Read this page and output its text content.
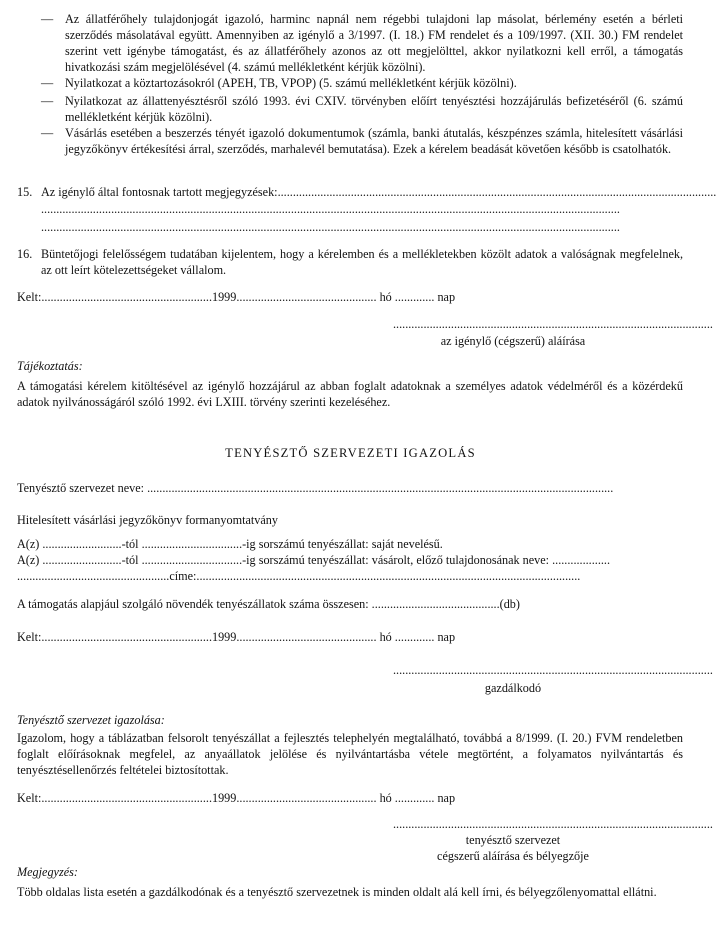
— Az állatférőhely tulajdonjogát igazoló, harminc napnál nem régebbi tulajdoni lap másolat, bérlemény esetén a bérleti szerződés másolatával együtt. Amennyiben az igénylő a 3/1997. (I. 18.) FM rendelet és a 109/1997. (XII. 30.) FM rendelet szerint vett igénybe támogatást, és az állatférőhely azonos az ott megjelölttel, akkor nyilatkozni kell erről, a támogatás hivatkozási szám megjelölésével (4. számú mellékletként kérjük közölni).
— Nyilatkozat a köztartozásokról (APEH, TB, VPOP) (5. számú mellékletként kérjük közölni).
— Nyilatkozat az állattenyésztésről szóló 1993. évi CXIV. törvényben előírt tenyésztési hozzájárulás befizetéséről (6. számú mellékletként kérjük közölni).
— Vásárlás esetében a beszerzés tényét igazoló dokumentumok (számla, banki átutalás, készpénzes számla, hitelesített vásárlási jegyzőkönyv értékesítési árral, szerződés, marhalevél bemutatása). Ezek a kérelem beadását követően később is csatolhatók.
15. Az igénylő által fontosnak tartott megjegyzések:................................................................................................................................................
..............................................................................................................................................................................................
..............................................................................................................................................................................................
16. Büntetőjogi felelősségem tudatában kijelentem, hogy a kérelemben és a mellékletekben közölt adatok a valóságnak megfelelnek, az ott leírt kötelezettségeket vállalom.
Kelt:........................................................1999.............................................. hó ............. nap
.........................................................................................................
az igénylő (cégszerű) aláírása
Tájékoztatás:
A támogatási kérelem kitöltésével az igénylő hozzájárul az abban foglalt adatoknak a személyes adatok védelméről és a közérdekű adatok nyilvánosságáról szóló 1992. évi LXIII. törvény szerinti kezeléséhez.
TENYÉSZTŐ SZERVEZETI IGAZOLÁS
Tenyésztő szervezet neve: .........................................................................................................................................................
Hitelesített vásárlási jegyzőkönyv formanyomtatvány
A(z) ..........................-tól .................................-ig sorszámú tenyészállat: saját nevelésű.
A(z) ..........................-tól .................................-ig sorszámú tenyészállat: vásárolt, előző tulajdonosának neve: ...................
..................................................címe:..............................................................................................................................
A támogatás alapjául szolgáló növendék tenyészállatok száma összesen: ..........................................(db)
Kelt:........................................................1999.............................................. hó ............. nap
.........................................................................................................
gazdálkodó
Tenyésztő szervezet igazolása:
Igazolom, hogy a táblázatban felsorolt tenyészállat a fejlesztés telephelyén megtalálható, továbbá a 8/1999. (I. 20.) FVM rendeletben foglalt előírásoknak megfelel, az anyaállatok jelölése és nyilvántartásba vétele megtörtént, a folyamatos nyilvántartás és tenyésztésellenőrzés feltételei biztosítottak.
Kelt:........................................................1999.............................................. hó ............. nap
.........................................................................................................
tenyésztő szervezet
cégszerű aláírása és bélyegzője
Megjegyzés:
Több oldalas lista esetén a gazdálkodónak és a tenyésztő szervezetnek is minden oldalt alá kell írni, és bélyegzőlenyomattal ellátni.
